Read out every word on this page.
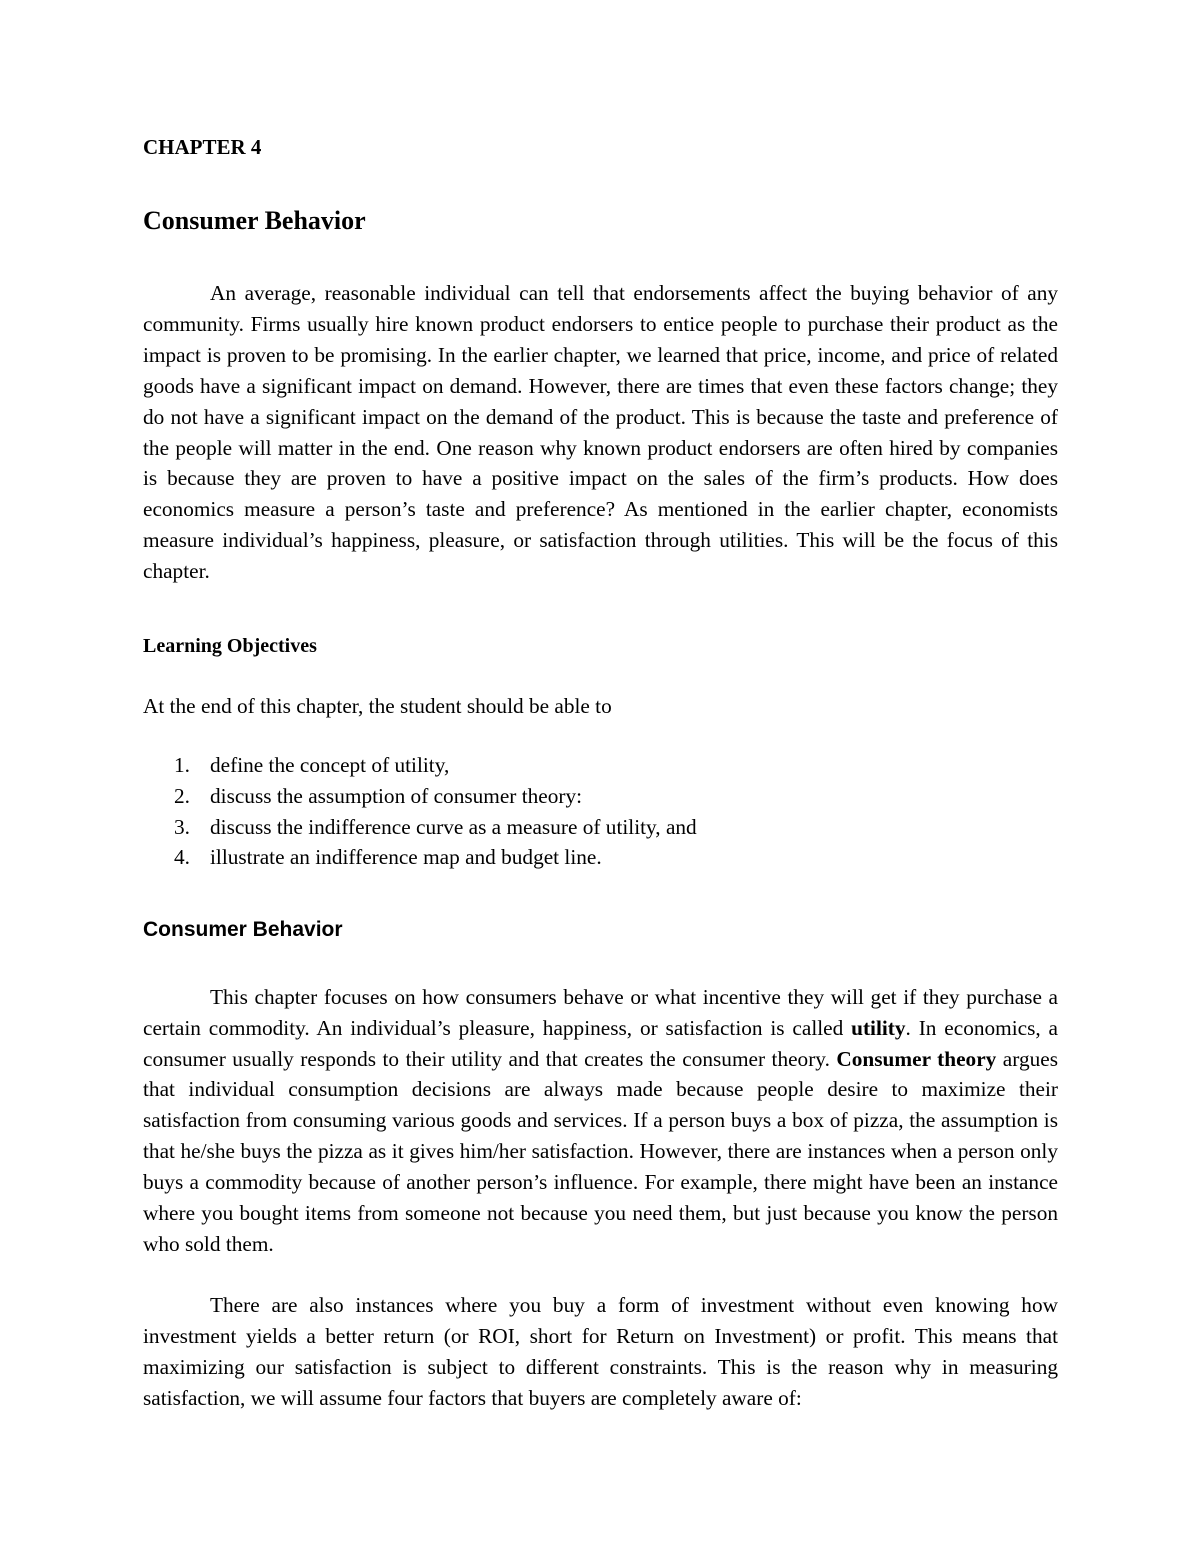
CHAPTER 4
Consumer Behavior

An average, reasonable individual can tell that endorsements affect the buying behavior of any community. Firms usually hire known product endorsers to entice people to purchase their product as the impact is proven to be promising. In the earlier chapter, we learned that price, income, and price of related goods have a significant impact on demand. However, there are times that even these factors change; they do not have a significant impact on the demand of the product. This is because the taste and preference of the people will matter in the end. One reason why known product endorsers are often hired by companies is because they are proven to have a positive impact on the sales of the firm’s products. How does economics measure a person’s taste and preference? As mentioned in the earlier chapter, economists measure individual’s happiness, pleasure, or satisfaction through utilities. This will be the focus of this chapter.

Learning Objectives

At the end of this chapter, the student should be able to

1. define the concept of utility,
2. discuss the assumption of consumer theory:
3. discuss the indifference curve as a measure of utility, and
4. illustrate an indifference map and budget line.
Consumer Behavior

This chapter focuses on how consumers behave or what incentive they will get if they purchase a certain commodity. An individual’s pleasure, happiness, or satisfaction is called utility. In economics, a consumer usually responds to their utility and that creates the consumer theory. Consumer theory argues that individual consumption decisions are always made because people desire to maximize their satisfaction from consuming various goods and services. If a person buys a box of pizza, the assumption is that he/she buys the pizza as it gives him/her satisfaction. However, there are instances when a person only buys a commodity because of another person’s influence. For example, there might have been an instance where you bought items from someone not because you need them, but just because you know the person who sold them.

There are also instances where you buy a form of investment without even knowing how investment yields a better return (or ROI, short for Return on Investment) or profit. This means that maximizing our satisfaction is subject to different constraints. This is the reason why in measuring satisfaction, we will assume four factors that buyers are completely aware of:
